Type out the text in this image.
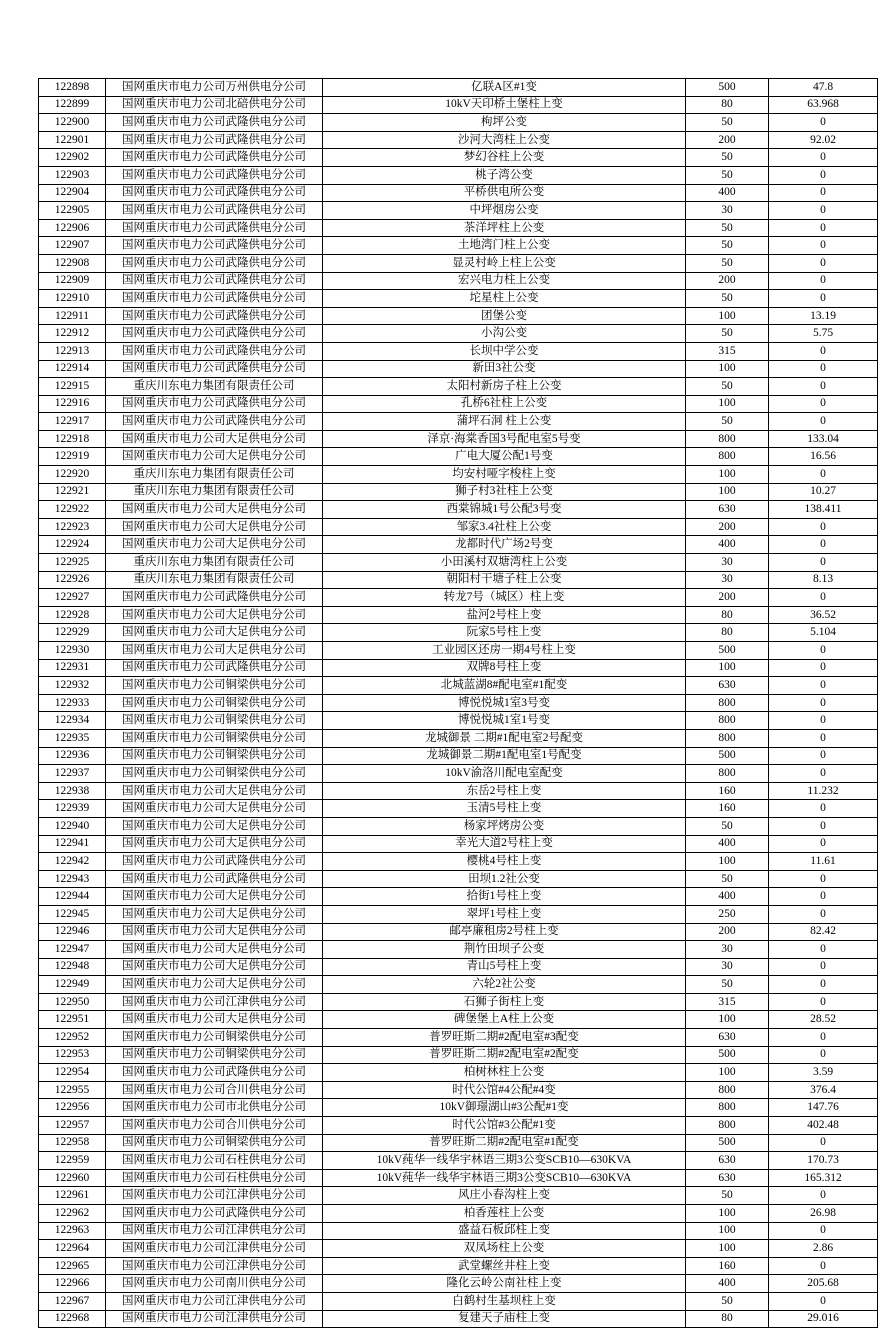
122898	国网重庆市电力公司万州供电分公司	亿联A区#1变	500	47.8
122899	国网重庆市电力公司北碚供电分公司	10kV天印桥土堡柱上变	80	63.968
122900	国网重庆市电力公司武隆供电分公司	枸坪公变	50	0
122901	国网重庆市电力公司武隆供电分公司	沙河大湾柱上公变	200	92.02
122902	国网重庆市电力公司武隆供电分公司	梦幻谷柱上公变	50	0
122903	国网重庆市电力公司武隆供电分公司	桃子湾公变	50	0
122904	国网重庆市电力公司武隆供电分公司	平桥供电所公变	400	0
122905	国网重庆市电力公司武隆供电分公司	中坪烟房公变	30	0
122906	国网重庆市电力公司武隆供电分公司	茶洋坪柱上公变	50	0
122907	国网重庆市电力公司武隆供电分公司	土地湾门柱上公变	50	0
122908	国网重庆市电力公司武隆供电分公司	显灵村岭上柱上公变	50	0
122909	国网重庆市电力公司武隆供电分公司	宏兴电力柱上公变	200	0
122910	国网重庆市电力公司武隆供电分公司	坨星柱上公变	50	0
122911	国网重庆市电力公司武隆供电分公司	团堡公变	100	13.19
122912	国网重庆市电力公司武隆供电分公司	小沟公变	50	5.75
122913	国网重庆市电力公司武隆供电分公司	长坝中学公变	315	0
122914	国网重庆市电力公司武隆供电分公司	新田3社公变	100	0
122915	重庆川东电力集团有限责任公司	太阳村新房子柱上公变	50	0
122916	国网重庆市电力公司武隆供电分公司	孔桥6社柱上公变	100	0
122917	国网重庆市电力公司武隆供电分公司	蒲坪石洞 柱上公变	50	0
122918	国网重庆市电力公司大足供电分公司	泽京·海棠香国3号配电室5号变	800	133.04
122919	国网重庆市电力公司大足供电分公司	广电大厦公配1号变	800	16.56
122920	重庆川东电力集团有限责任公司	均安村哑字梭柱上变	100	0
122921	重庆川东电力集团有限责任公司	狮子村3社柱上公变	100	10.27
122922	国网重庆市电力公司大足供电分公司	西棠锦城1号公配3号变	630	138.411
122923	国网重庆市电力公司大足供电分公司	邹家3.4社柱上公变	200	0
122924	国网重庆市电力公司大足供电分公司	龙都时代广场2号变	400	0
122925	重庆川东电力集团有限责任公司	小田溪村双塘湾柱上公变	30	0
122926	重庆川东电力集团有限责任公司	朝阳村干塘子柱上公变	30	8.13
122927	国网重庆市电力公司武隆供电分公司	转龙7号（城区）柱上变	200	0
122928	国网重庆市电力公司大足供电分公司	盐河2号柱上变	80	36.52
122929	国网重庆市电力公司大足供电分公司	阮家5号柱上变	80	5.104
122930	国网重庆市电力公司大足供电分公司	工业园区还房一期4号柱上变	500	0
122931	国网重庆市电力公司武隆供电分公司	双牌8号柱上变	100	0
122932	国网重庆市电力公司铜梁供电分公司	北城蓝湖8#配电室#1配变	630	0
122933	国网重庆市电力公司铜梁供电分公司	博悦悦城1室3号变	800	0
122934	国网重庆市电力公司铜梁供电分公司	博悦悦城1室1号变	800	0
122935	国网重庆市电力公司铜梁供电分公司	龙城御景 二期#1配电室2号配变	800	0
122936	国网重庆市电力公司铜梁供电分公司	龙城御景二期#1配电室1号配变	500	0
122937	国网重庆市电力公司铜梁供电分公司	10kV渝洛川配电室配变	800	0
122938	国网重庆市电力公司大足供电分公司	东岳2号柱上变	160	11.232
122939	国网重庆市电力公司大足供电分公司	玉清5号柱上变	160	0
122940	国网重庆市电力公司大足供电分公司	杨家坪烤房公变	50	0
122941	国网重庆市电力公司大足供电分公司	幸光大道2号柱上变	400	0
122942	国网重庆市电力公司武隆供电分公司	樱桃4号柱上变	100	11.61
122943	国网重庆市电力公司武隆供电分公司	田坝1.2社公变	50	0
122944	国网重庆市电力公司大足供电分公司	拾街1号柱上变	400	0
122945	国网重庆市电力公司大足供电分公司	翠坪1号柱上变	250	0
122946	国网重庆市电力公司大足供电分公司	邮亭廉租房2号柱上变	200	82.42
122947	国网重庆市电力公司大足供电分公司	荆竹田坝子公变	30	0
122948	国网重庆市电力公司大足供电分公司	青山5号柱上变	30	0
122949	国网重庆市电力公司大足供电分公司	六轮2社公变	50	0
122950	国网重庆市电力公司江津供电分公司	石狮子街柱上变	315	0
122951	国网重庆市电力公司大足供电分公司	碑堡堡上A柱上公变	100	28.52
122952	国网重庆市电力公司铜梁供电分公司	普罗旺斯二期#2配电室#3配变	630	0
122953	国网重庆市电力公司铜梁供电分公司	普罗旺斯二期#2配电室#2配变	500	0
122954	国网重庆市电力公司武隆供电分公司	柏树林柱上公变	100	3.59
122955	国网重庆市电力公司合川供电分公司	时代公馆#4公配#4变	800	376.4
122956	国网重庆市电力公司市北供电分公司	10kV御璟湖山#3公配#1变	800	147.76
122957	国网重庆市电力公司合川供电分公司	时代公馆#3公配#1变	800	402.48
122958	国网重庆市电力公司铜梁供电分公司	普罗旺斯二期#2配电室#1配变	500	0
122959	国网重庆市电力公司石柱供电分公司	10kV莼华一线华宇林语三期3公变SCB10—630KVA	630	170.73
122960	国网重庆市电力公司石柱供电分公司	10kV莼华一线华宇林语三期3公变SCB10—630KVA	630	165.312
122961	国网重庆市电力公司江津供电分公司	风庄小春沟柱上变	50	0
122962	国网重庆市电力公司武隆供电分公司	柏香莲柱上公变	100	26.98
122963	国网重庆市电力公司江津供电分公司	盛益石板邱柱上变	100	0
122964	国网重庆市电力公司江津供电分公司	双凤场柱上公变	100	2.86
122965	国网重庆市电力公司江津供电分公司	武堂螺丝井柱上变	160	0
122966	国网重庆市电力公司南川供电分公司	隆化云岭公南社柱上变	400	205.68
122967	国网重庆市电力公司江津供电分公司	白鹤村生基坝柱上变	50	0
122968	国网重庆市电力公司江津供电分公司	复建天子庙柱上变	80	29.016
